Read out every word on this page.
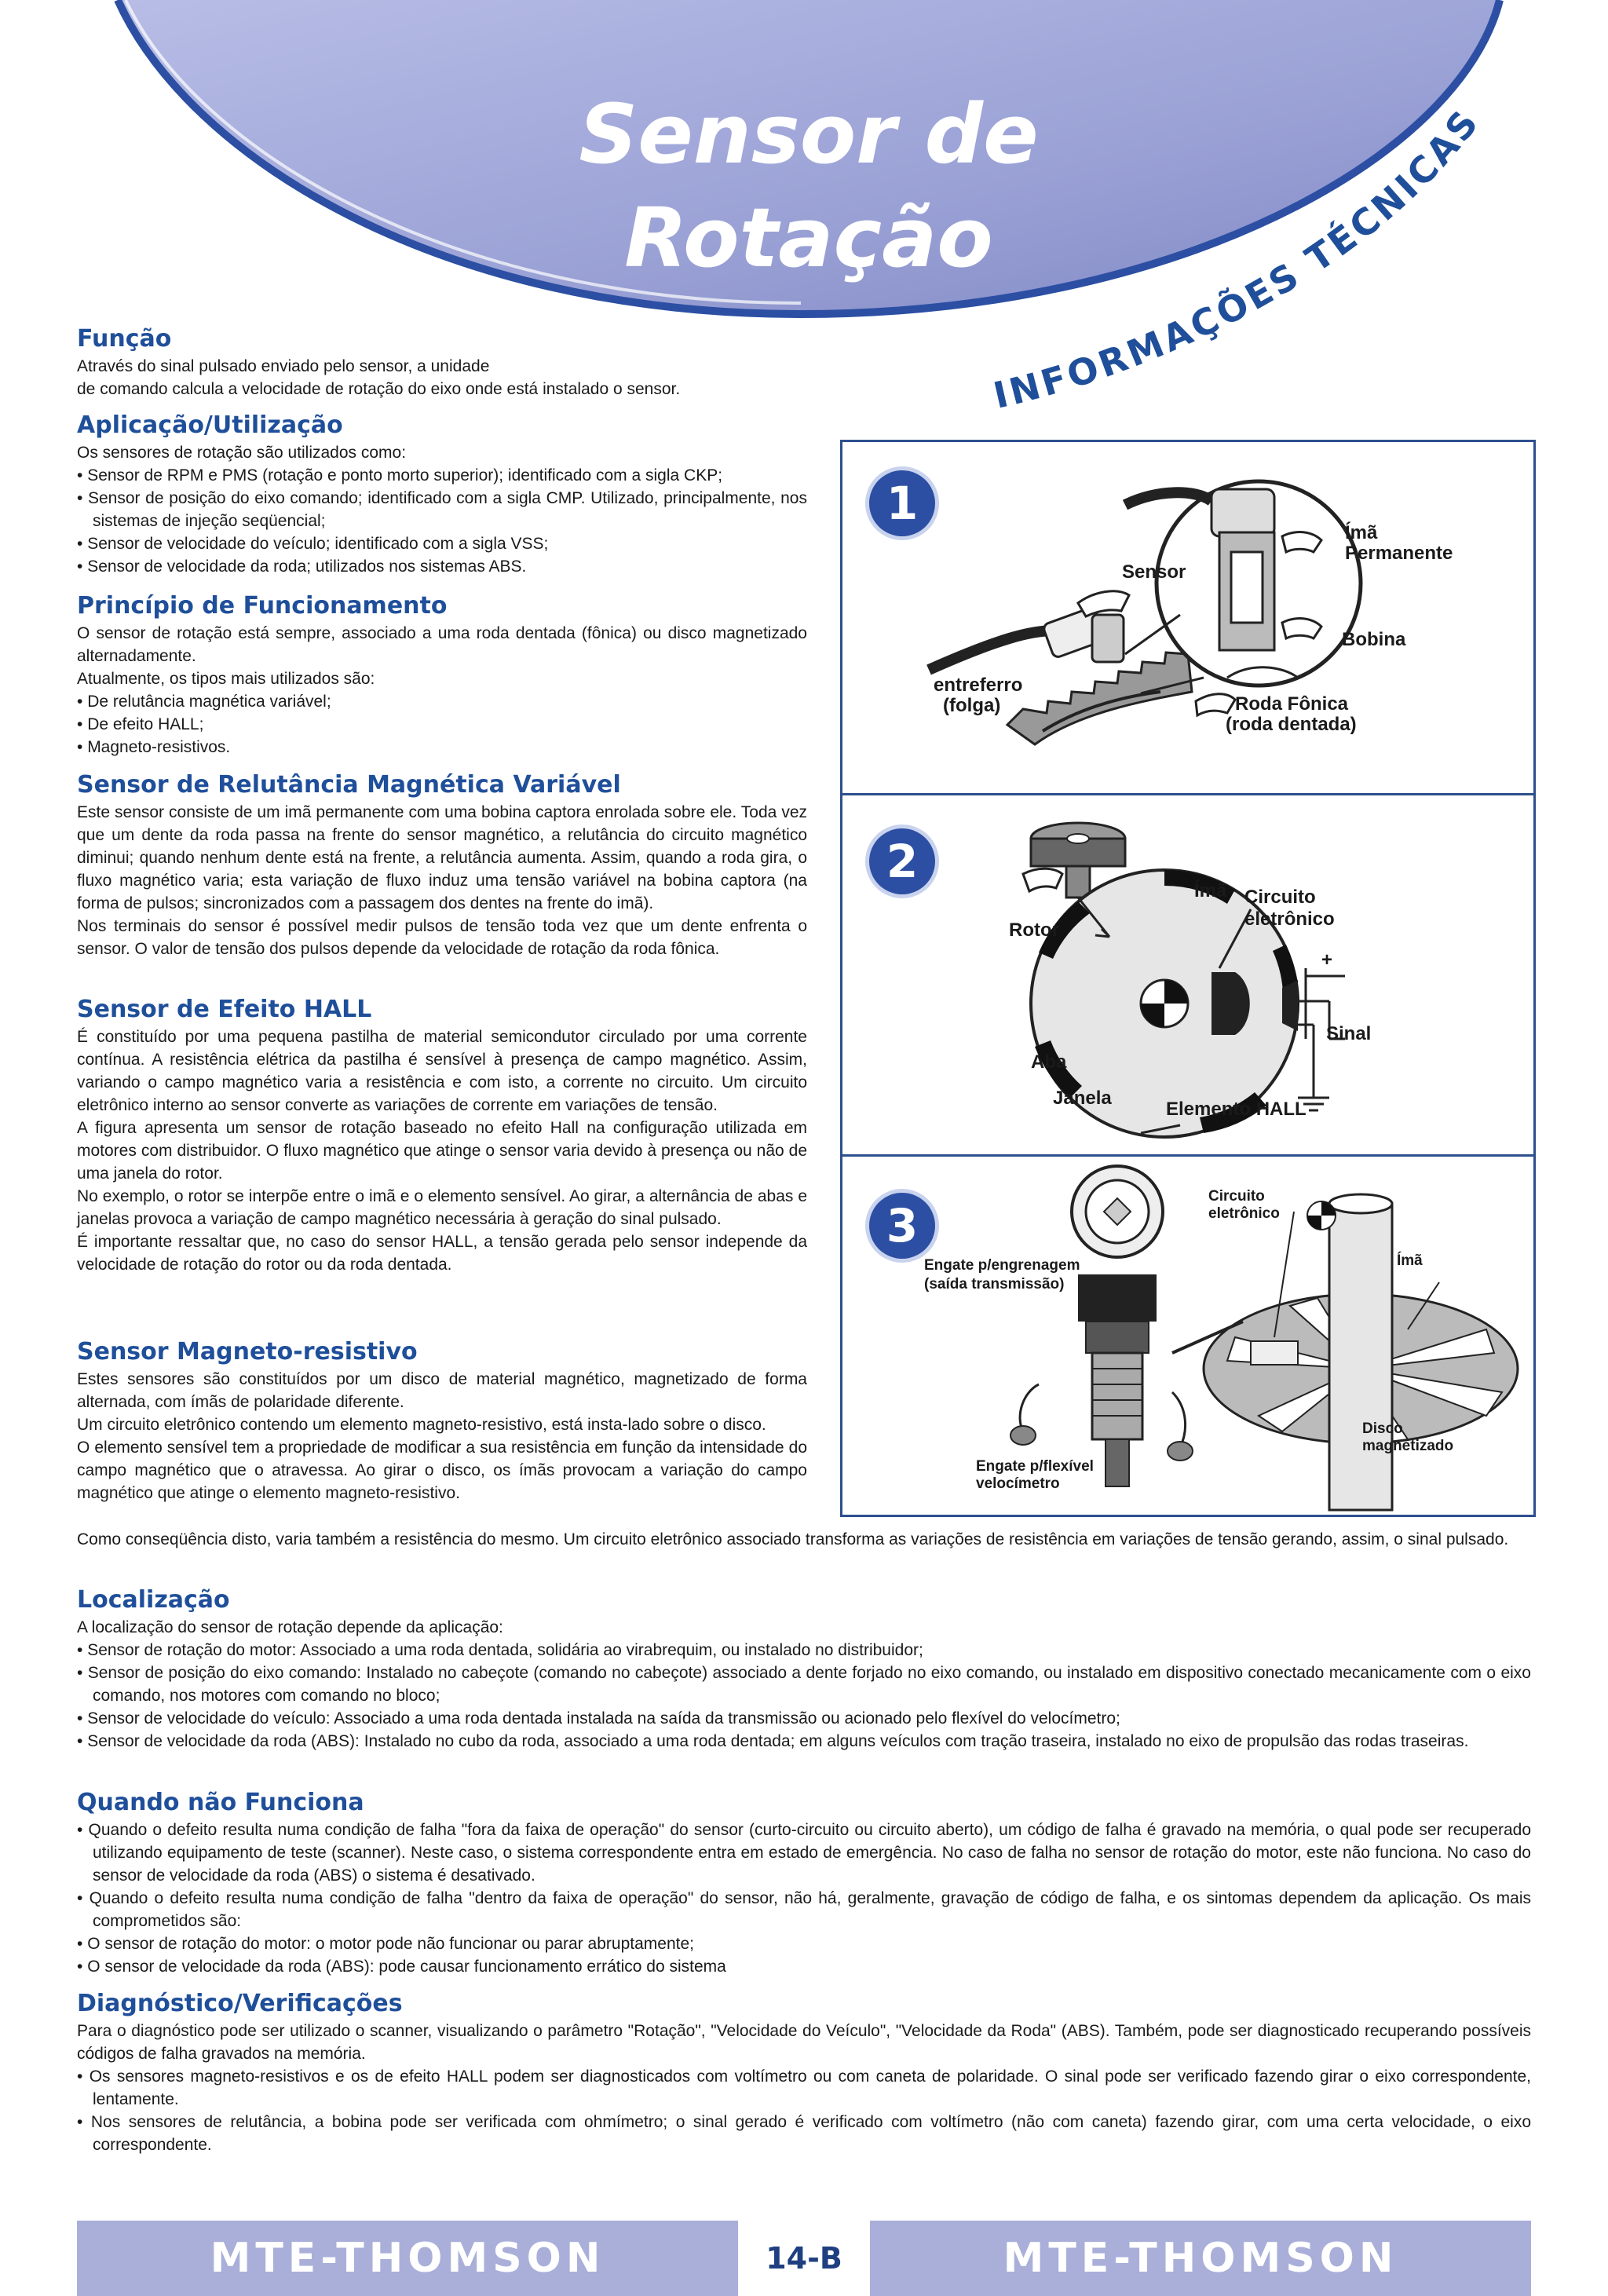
Sensor de
Rotação
INFORMAÇÕES TÉCNICAS
Função

Através do sinal pulsado enviado pelo sensor, a unidade
de comando calcula a velocidade de rotação do eixo onde está instalado o sensor.

Aplicação/Utilização

Os sensores de rotação são utilizados como:

• Sensor de RPM e PMS (rotação e ponto morto superior); identificado com a sigla CKP;
• Sensor de posição do eixo comando; identificado com a sigla CMP. Utilizado, principalmente, nos sistemas de injeção seqüencial;
• Sensor de velocidade do veículo; identificado com a sigla VSS;
• Sensor de velocidade da roda; utilizados nos sistemas ABS.
Princípio de Funcionamento

O sensor de rotação está sempre, associado a uma roda dentada (fônica) ou disco magnetizado alternadamente.

Atualmente, os tipos mais utilizados são:

• De relutância magnética variável;
• De efeito HALL;
• Magneto-resistivos.
Sensor de Relutância Magnética Variável

Este sensor consiste de um imã permanente com uma bobina captora enrolada sobre ele. Toda vez que um dente da roda passa na frente do sensor magnético, a relutância do circuito magnético diminui; quando nenhum dente está na frente, a relutância aumenta. Assim, quando a roda gira, o fluxo magnético varia; esta variação de fluxo induz uma tensão variável na bobina captora (na forma de pulsos; sincronizados com a passagem dos dentes na frente do imã).

Nos terminais do sensor é possível medir pulsos de tensão toda vez que um dente enfrenta o sensor. O valor de tensão dos pulsos depende da velocidade de rotação da roda fônica.

Sensor de Efeito HALL

É constituído por uma pequena pastilha de material semicondutor circulado por uma corrente contínua. A resistência elétrica da pastilha é sensível à presença de campo magnético. Assim, variando o campo magnético varia a resistência e com isto, a corrente no circuito. Um circuito eletrônico interno ao sensor converte as variações de corrente em variações de tensão.

A figura apresenta um sensor de rotação baseado no efeito Hall na configuração utilizada em motores com distribuidor. O fluxo magnético que atinge o sensor varia devido à presença ou não de uma janela do rotor.

No exemplo, o rotor se interpõe entre o imã e o elemento sensível. Ao girar, a alternância de abas e janelas provoca a variação de campo magnético necessária à geração do sinal pulsado.

É importante ressaltar que, no caso do sensor HALL, a tensão gerada pelo sensor independe da velocidade de rotação do rotor ou da roda dentada.

Sensor Magneto-resistivo

Estes sensores são constituídos por um disco de material magnético, magnetizado de forma alternada, com ímãs de polaridade diferente.

Um circuito eletrônico contendo um elemento magneto-resistivo, está insta-lado sobre o disco.

O elemento sensível tem a propriedade de modificar a sua resistência em função da intensidade do campo magnético que o atravessa. Ao girar o disco, os ímãs provocam a variação do campo magnético que atinge o elemento magneto-resistivo.

Como conseqüência disto, varia também a resistência do mesmo. Um circuito eletrônico associado transforma as variações de resistência em variações de tensão gerando, assim, o sinal pulsado.

Localização

A localização do sensor de rotação depende da aplicação:

• Sensor de rotação do motor: Associado a uma roda dentada, solidária ao virabrequim, ou instalado no distribuidor;
• Sensor de posição do eixo comando: Instalado no cabeçote (comando no cabeçote) associado a dente forjado no eixo comando, ou instalado em dispositivo conectado mecanicamente com o eixo comando, nos motores com comando no bloco;
• Sensor de velocidade do veículo: Associado a uma roda dentada instalada na saída da transmissão ou acionado pelo flexível do velocímetro;
• Sensor de velocidade da roda (ABS): Instalado no cubo da roda, associado a uma roda dentada; em alguns veículos com tração traseira, instalado no eixo de propulsão das rodas traseiras.
Quando não Funciona
• Quando o defeito resulta numa condição de falha "fora da faixa de operação" do sensor (curto-circuito ou circuito aberto), um código de falha é gravado na memória, o qual pode ser recuperado utilizando equipamento de teste (scanner). Neste caso, o sistema correspondente entra em estado de emergência. No caso de falha no sensor de rotação do motor, este não funciona. No caso do sensor de velocidade da roda (ABS) o sistema é desativado.
• Quando o defeito resulta numa condição de falha "dentro da faixa de operação" do sensor, não há, geralmente, gravação de código de falha, e os sintomas dependem da aplicação. Os mais comprometidos são:
• O sensor de rotação do motor: o motor pode não funcionar ou parar abruptamente;
• O sensor de velocidade da roda (ABS): pode causar funcionamento errático do sistema
Diagnóstico/Verificações

Para o diagnóstico pode ser utilizado o scanner, visualizando o parâmetro "Rotação", "Velocidade do Veículo", "Velocidade da Roda" (ABS). Também, pode ser diagnosticado recuperando possíveis códigos de falha gravados na memória.

• Os sensores magneto-resistivos e os de efeito HALL podem ser diagnosticados com voltímetro ou com caneta de polaridade. O sinal pode ser verificado fazendo girar o eixo correspondente, lentamente.
• Nos sensores de relutância, a bobina pode ser verificada com ohmímetro; o sinal gerado é verificado com voltímetro (não com caneta) fazendo girar, com uma certa velocidade, o eixo correspondente.
1
Sensor
Ímã
Permanente
Bobina
entreferro
(folga)	Roda Fônica
(roda dentada)
2
Rotor
Ímã Circuito
eletrônico
+
Sinal
Aba
Janela
Elemento HALL
3
Engate p/engrenagem
(saída transmissão)
Circuito
eletrônico
Ímã
Disco
magnetizado
Engate p/flexível
velocímetro
MTE-THOMSON	14-B	MTE-THOMSON
